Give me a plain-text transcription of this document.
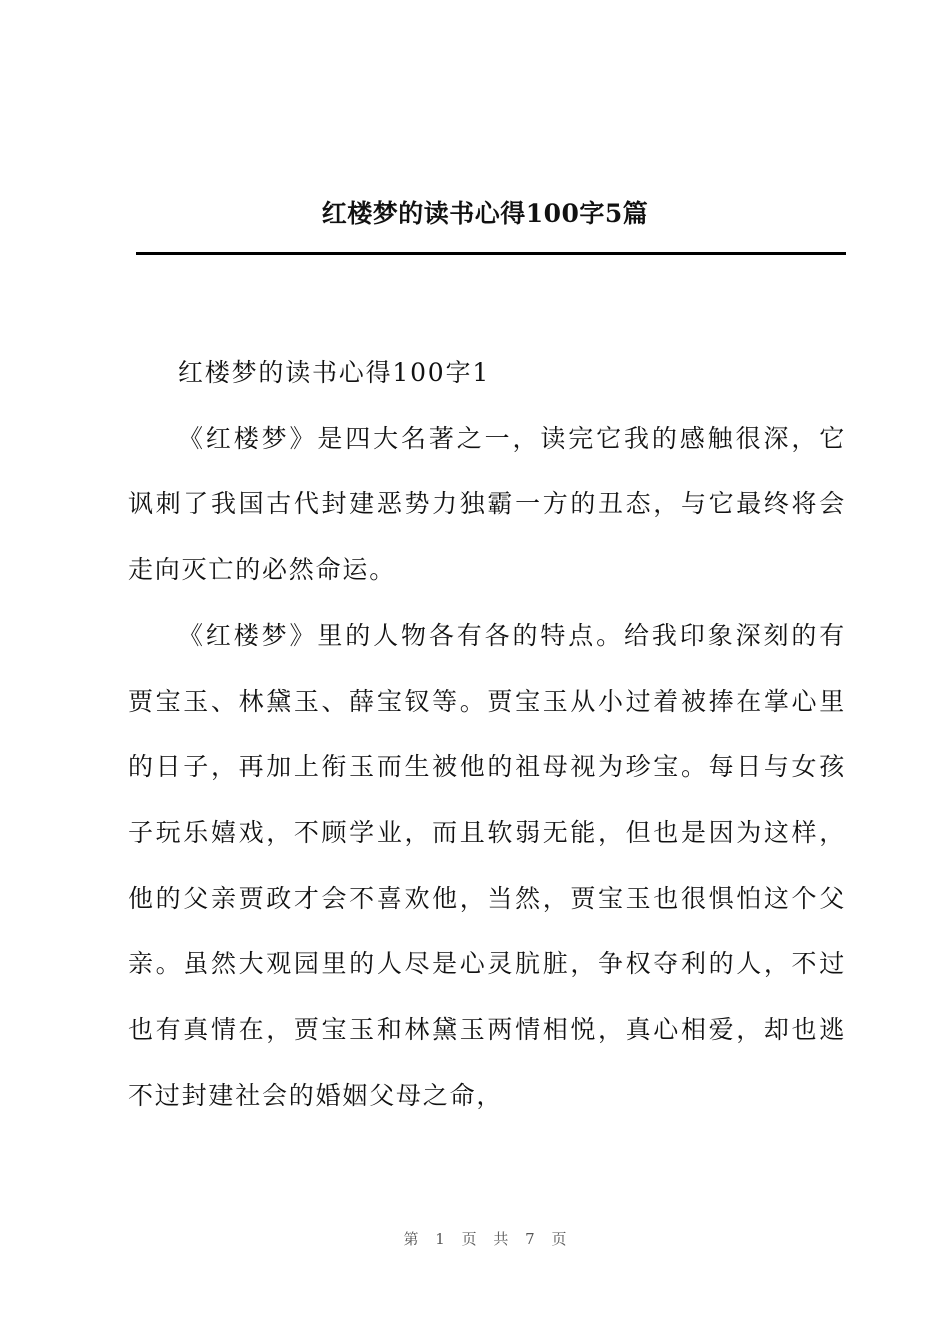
红楼梦的读书心得100字5篇

红楼梦的读书心得100字1

《红楼梦》是四大名著之一，读完它我的感触很深，它讽刺了我国古代封建恶势力独霸一方的丑态，与它最终将会走向灭亡的必然命运。

《红楼梦》里的人物各有各的特点。给我印象深刻的有贾宝玉、林黛玉、薛宝钗等。贾宝玉从小过着被捧在掌心里的日子，再加上衔玉而生被他的祖母视为珍宝。每日与女孩子玩乐嬉戏，不顾学业，而且软弱无能，但也是因为这样，他的父亲贾政才会不喜欢他，当然，贾宝玉也很惧怕这个父亲。虽然大观园里的人尽是心灵肮脏，争权夺利的人，不过也有真情在，贾宝玉和林黛玉两情相悦，真心相爱，却也逃不过封建社会的婚姻父母之命，

第 1 页 共 7 页
